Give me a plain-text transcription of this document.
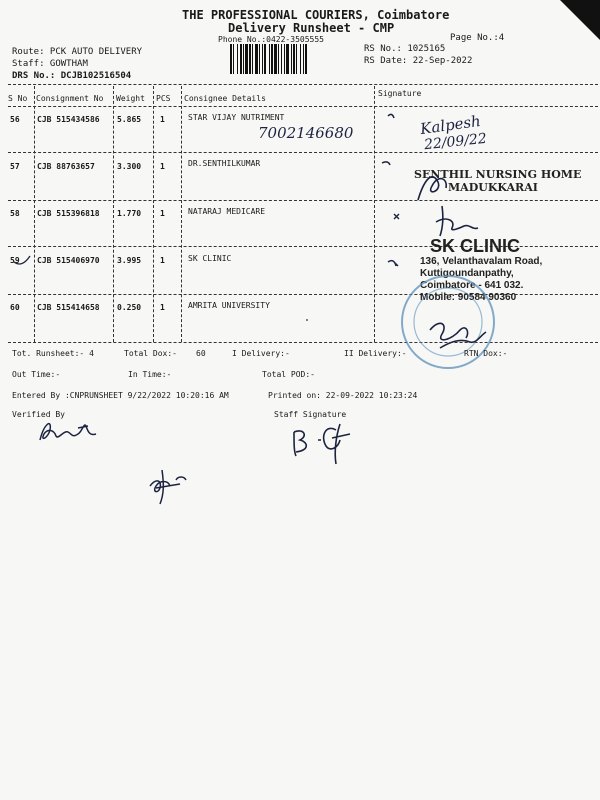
THE PROFESSIONAL COURIERS, Coimbatore
Delivery Runsheet - CMP
Phone No.:0422-3505555	Page No.:4
RS No.: 1025165
RS Date: 22-Sep-2022
Route: PCK AUTO DELIVERY
Staff: GOWTHAM
DRS No.: DCJB102516504
S No Consignment No Weight PCS Consignee Details
Signature
56 CJB 515434586 5.865 1	STAR VIJAY NUTRIMENT
57 CJB 88763657	3.300 1	DR.SENTHILKUMAR
58 CJB 515396818 1.770 1	NATARAJ MEDICARE
59 CJB 515406970 3.995 1	SK CLINIC
60 CJB 515414658 0.250 1	AMRITA UNIVERSITY
7002146680	Kalpesh
22/09/22
SENTHIL NURSING HOME
MADUKKARAI
SK CLINIC
136, Velanthavalam Road,
Kuttigoundanpathy,
Coimbatore - 641 032.
Mobile: 90584 90360
Tot. Runsheet:- 4	Total Dox:- 60	I Delivery:-	II Delivery:-	RTN Dox:-
Out Time:-	In Time:-	Total POD:-
Entered By :CNPRUNSHEET 9/22/2022 10:20:16 AM	Printed on: 22-09-2022 10:23:24
Verified By	Staff Signature
